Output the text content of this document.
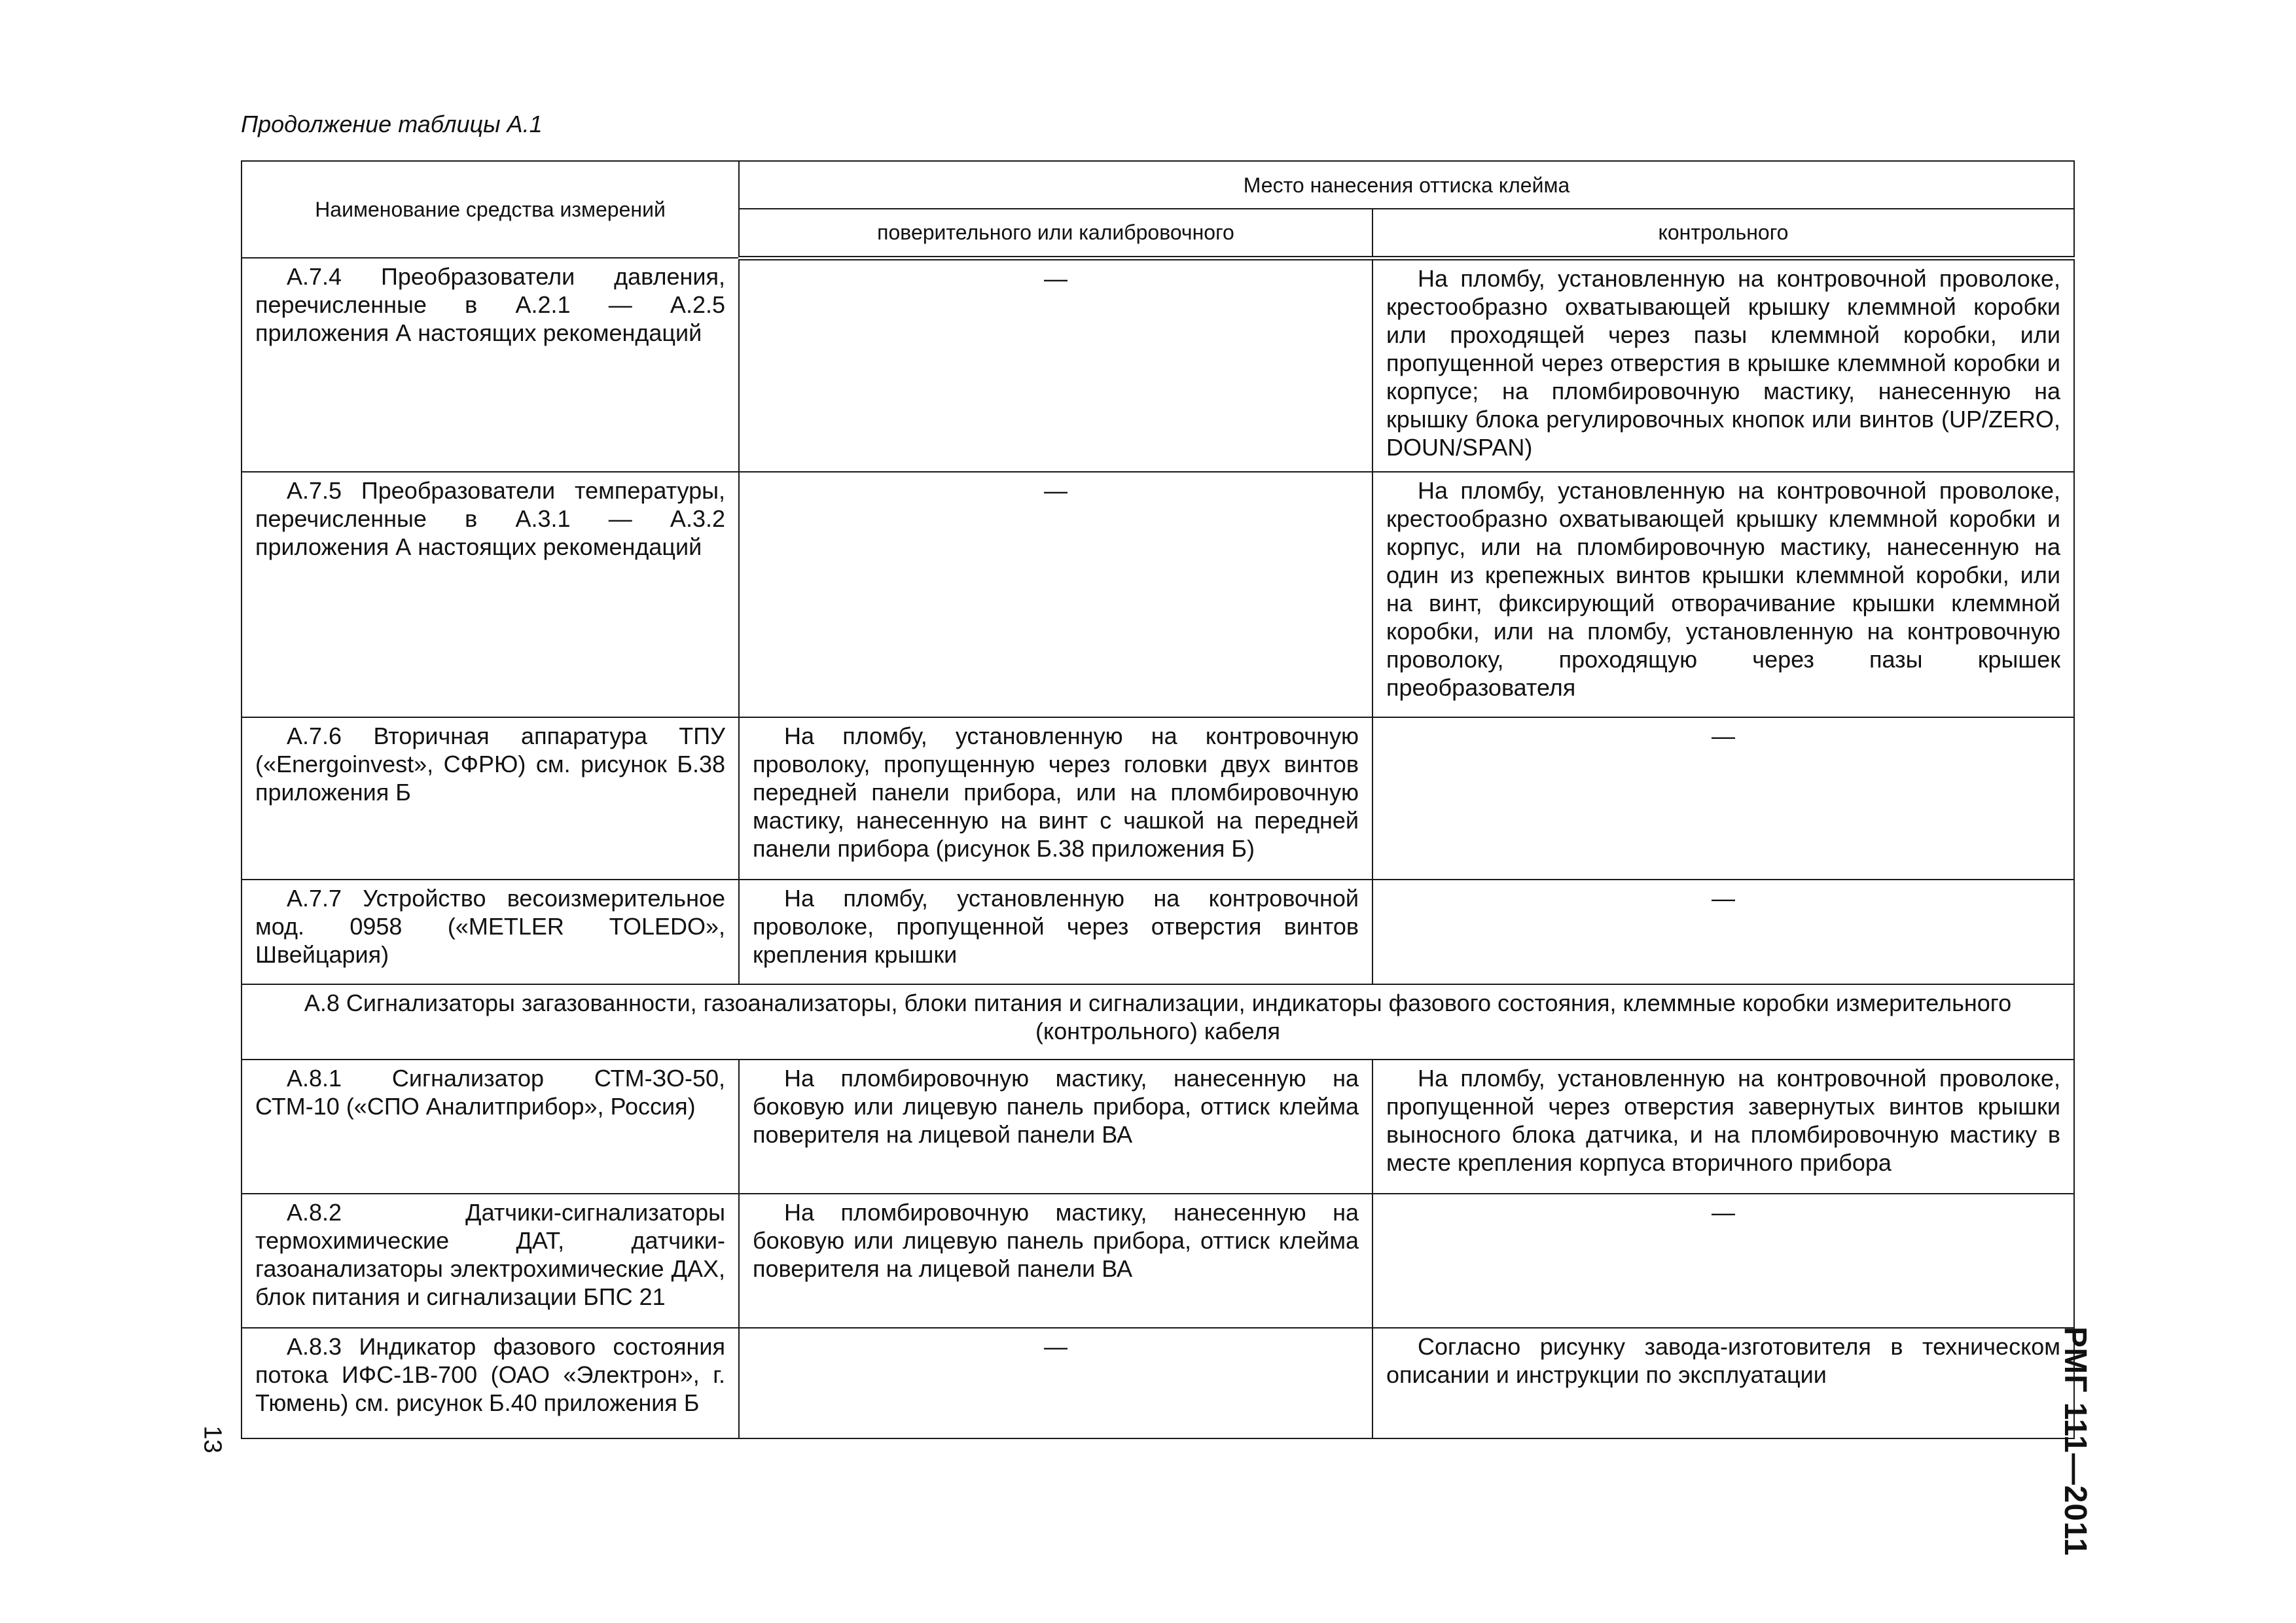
Продолжение таблицы А.1
Наименование средства измерений	Место нанесения оттиска клейма	
	поверительного или калибровочного	контрольного
А.7.4 Преобразователи давления, перечисленные в А.2.1 — А.2.5 приложения А настоящих рекомендаций	—	На пломбу, установленную на контровочной проволоке, крестообразно охватывающей крышку клеммной коробки или проходящей через пазы клеммной коробки, или пропущенной через отверстия в крышке клеммной коробки и корпусе; на пломбировочную мастику, нанесенную на крышку блока регулировочных кнопок или винтов (UP/ZERO, DOUN/SPAN)
А.7.5 Преобразователи температуры, перечисленные в А.3.1 — А.3.2 приложения А настоящих рекомендаций	—	На пломбу, установленную на контровочной проволоке, крестообразно охватывающей крышку клеммной коробки и корпус, или на пломбировочную мастику, нанесенную на один из крепежных винтов крышки клеммной коробки, или на винт, фиксирующий отворачивание крышки клеммной коробки, или на пломбу, установленную на контровочную проволоку, проходящую через пазы крышек преобразователя
А.7.6 Вторичная аппаратура ТПУ («Energoinvest», СФРЮ) см. рисунок Б.38 приложения Б	На пломбу, установленную на контровочную проволоку, пропущенную через головки двух винтов передней панели прибора, или на пломбировочную мастику, нанесенную на винт с чашкой на передней панели прибора (рисунок Б.38 приложения Б)	—
А.7.7 Устройство весоизмерительное мод. 0958 («METLER TOLEDO», Швейцария)	На пломбу, установленную на контровочной проволоке, пропущенной через отверстия винтов крепления крышки	—
А.8 Сигнализаторы загазованности, газоанализаторы, блоки питания и сигнализации, индикаторы фазового состояния, клеммные коробки измерительного (контрольного) кабеля		
А.8.1 Сигнализатор СТМ-ЗО-50, СТМ-10 («СПО Аналитприбор», Россия)	На пломбировочную мастику, нанесенную на боковую или лицевую панель прибора, оттиск клейма поверителя на лицевой панели ВА	На пломбу, установленную на контровочной проволоке, пропущенной через отверстия завернутых винтов крышки выносного блока датчика, и на пломбировочную мастику в месте крепления корпуса вторичного прибора
А.8.2 Датчики-сигнализаторы термохимические ДАТ, датчики-газоанализаторы электрохимические ДАХ, блок питания и сигнализации БПС 21	На пломбировочную мастику, нанесенную на боковую или лицевую панель прибора, оттиск клейма поверителя на лицевой панели ВА	—
А.8.3 Индикатор фазового состояния потока ИФС-1В-700 (ОАО «Электрон», г. Тюмень) см. рисунок Б.40 приложения Б	—	Согласно рисунку завода-изготовителя в техническом описании и инструкции по эксплуатации
13	РМГ 111—2011
